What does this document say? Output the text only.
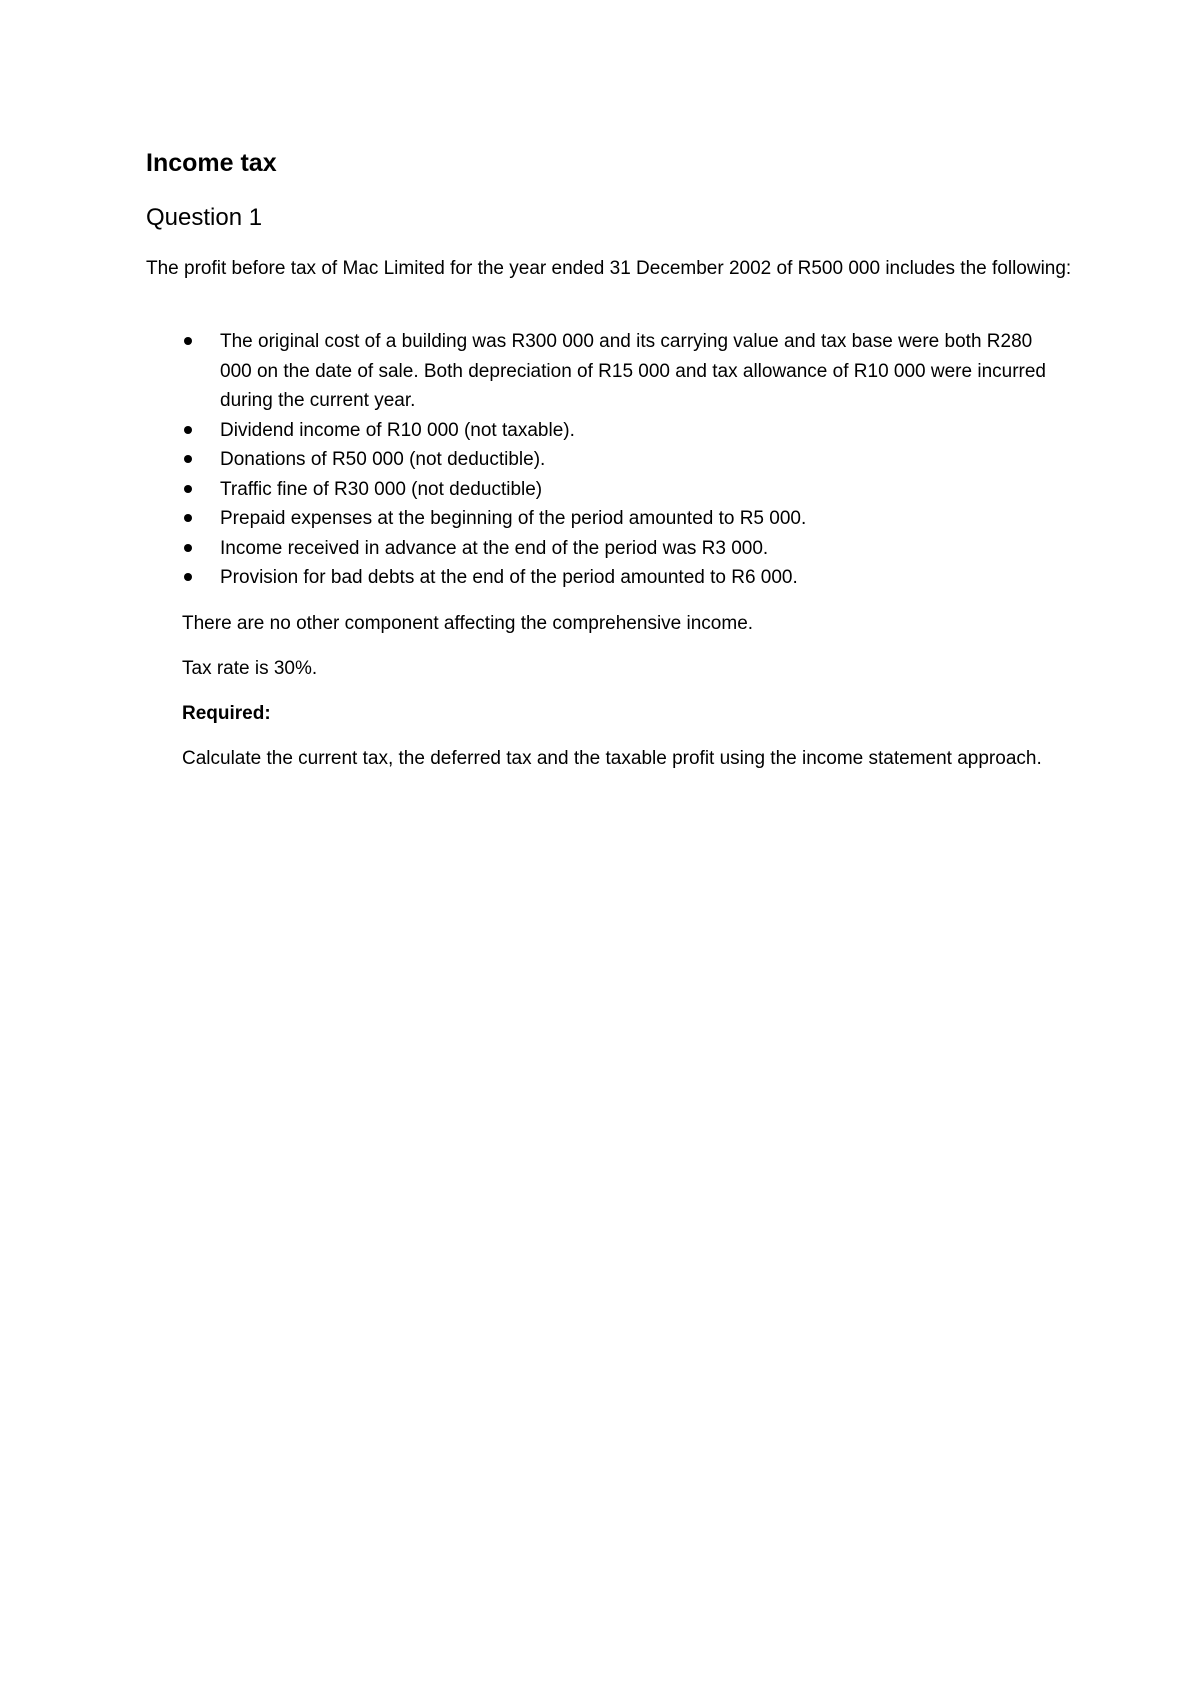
Income tax
Question 1

The profit before tax of Mac Limited for the year ended 31 December 2002 of R500 000 includes the following:

The original cost of a building was R300 000 and its carrying value and tax base were both R280 000 on the date of sale. Both depreciation of R15 000 and tax allowance of R10 000 were incurred during the current year.
Dividend income of R10 000 (not taxable).
Donations of R50 000 (not deductible).
Traffic fine of R30 000 (not deductible)
Prepaid expenses at the beginning of the period amounted to R5 000.
Income received in advance at the end of the period was R3 000.
Provision for bad debts at the end of the period amounted to R6 000.

There are no other component affecting the comprehensive income.

Tax rate is 30%.

Required:

Calculate the current tax, the deferred tax and the taxable profit using the income statement approach.
